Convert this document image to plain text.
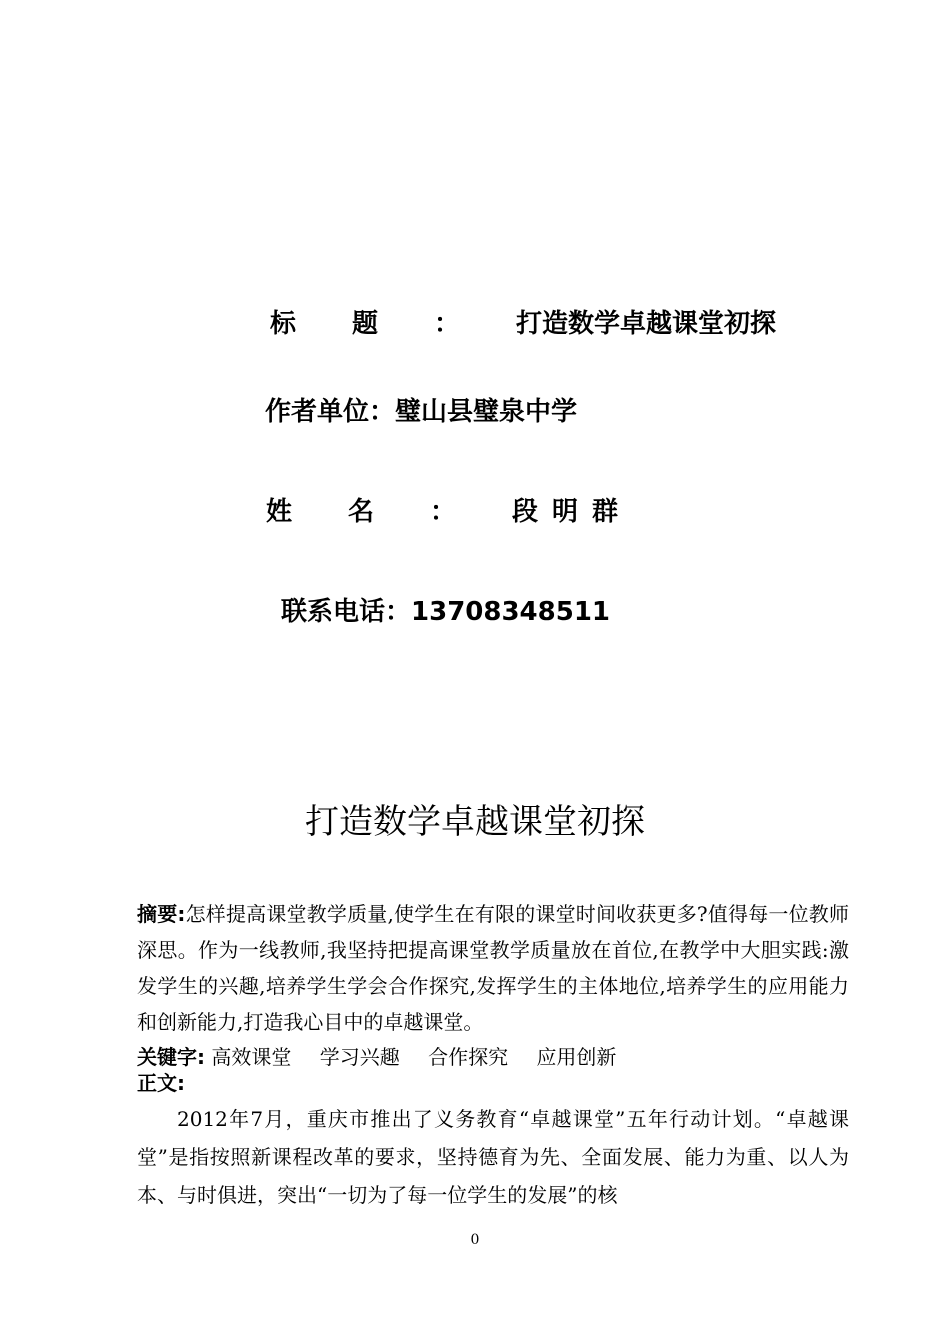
标题：打造数学卓越课堂初探
作者单位：璧山县璧泉中学
姓名：段明群
联系电话：13708348511
打造数学卓越课堂初探
摘要:怎样提高课堂教学质量,使学生在有限的课堂时间收获更多?值得每一位教师深思。作为一线教师,我坚持把提高课堂教学质量放在首位,在教学中大胆实践:激发学生的兴趣,培养学生学会合作探究,发挥学生的主体地位,培养学生的应用能力和创新能力,打造我心目中的卓越课堂。
关键字: 高效课堂 学习兴趣 合作探究 应用创新
正文:
2012年7月，重庆市推出了义务教育“卓越课堂”五年行动计划。“卓越课堂”是指按照新课程改革的要求，坚持德育为先、全面发展、能力为重、以人为本、与时俱进，突出“一切为了每一位学生的发展”的核
0
